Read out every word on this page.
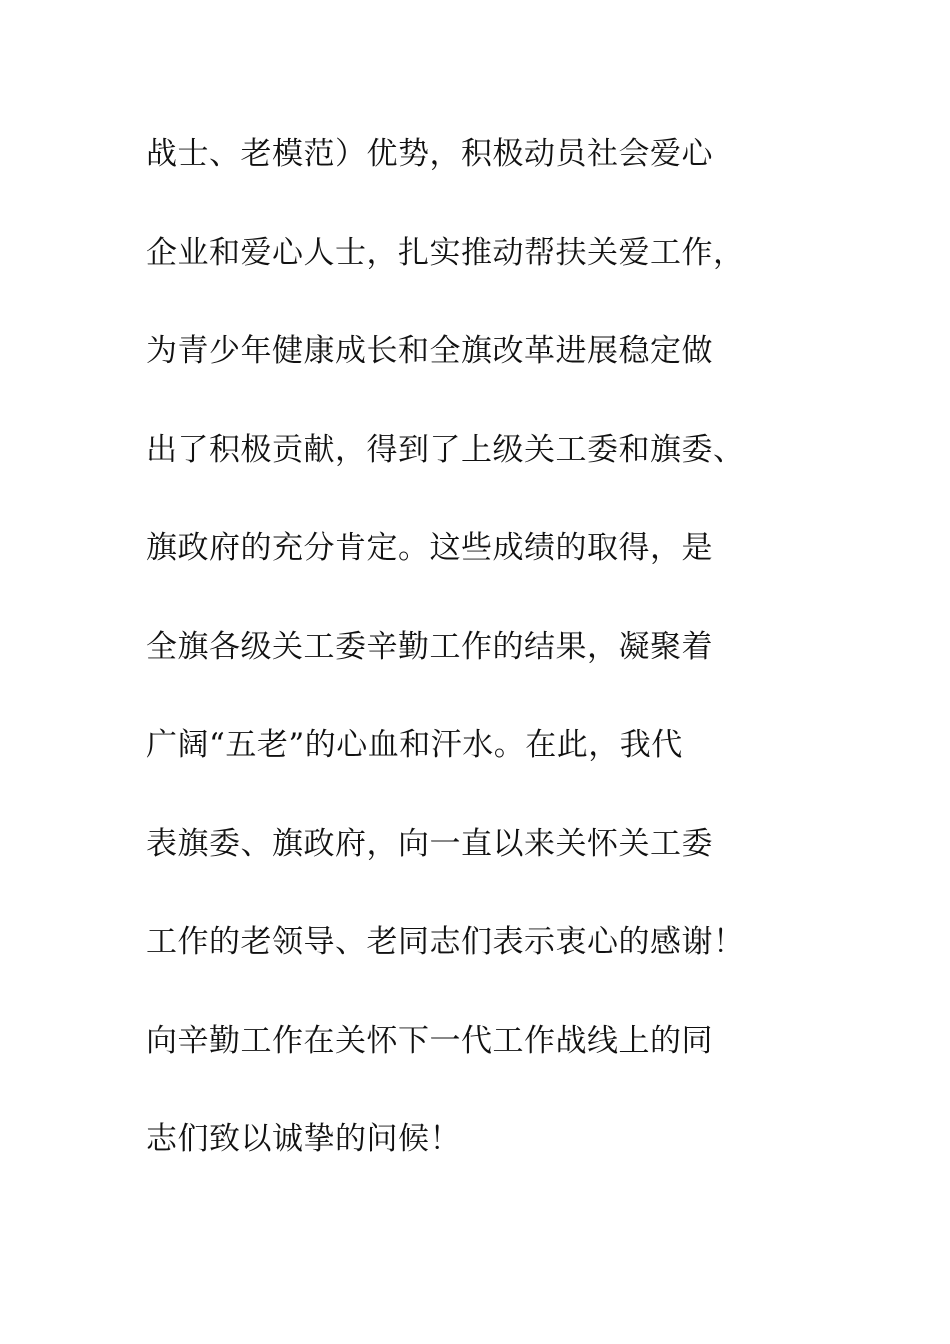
战士、老模范）优势，积极动员社会爱心
企业和爱心人士，扎实推动帮扶关爱工作，
为青少年健康成长和全旗改革进展稳定做
出了积极贡献，得到了上级关工委和旗委、
旗政府的充分肯定。这些成绩的取得，是
全旗各级关工委辛勤工作的结果，凝聚着
广阔“五老”的心血和汗水。在此，我代
表旗委、旗政府，向一直以来关怀关工委
工作的老领导、老同志们表示衷心的感谢！
向辛勤工作在关怀下一代工作战线上的同
志们致以诚挚的问候！
